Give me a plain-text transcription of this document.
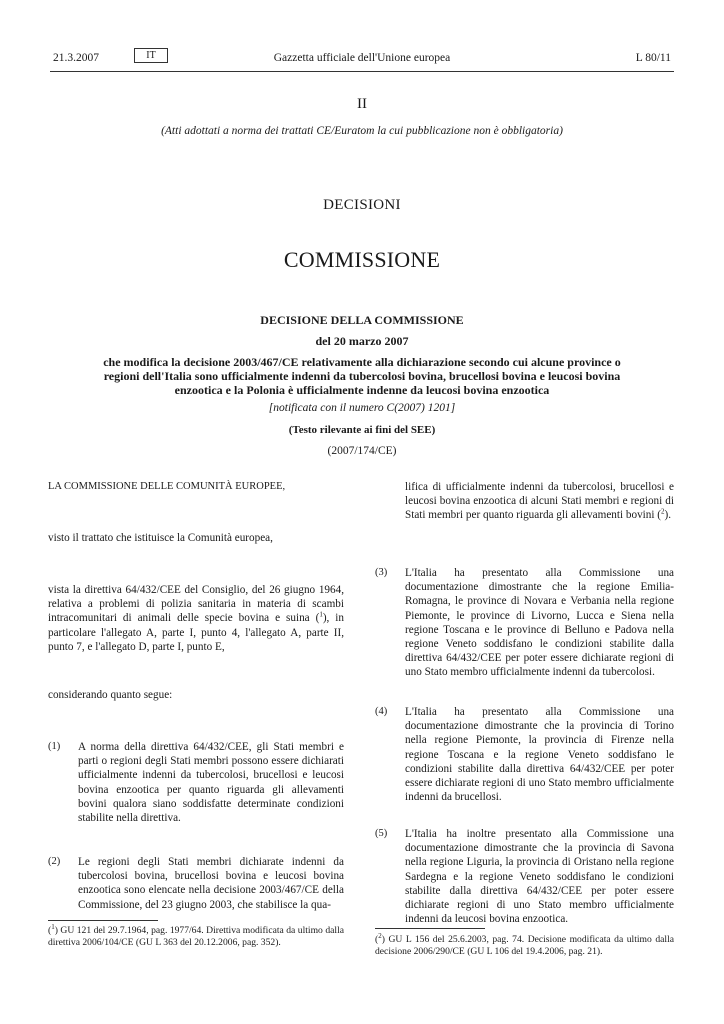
21.3.2007	IT	Gazzetta ufficiale dell'Unione europea	L 80/11
II
(Atti adottati a norma dei trattati CE/Euratom la cui pubblicazione non è obbligatoria)
DECISIONI
COMMISSIONE
DECISIONE DELLA COMMISSIONE
del 20 marzo 2007
che modifica la decisione 2003/467/CE relativamente alla dichiarazione secondo cui alcune province o regioni dell'Italia sono ufficialmente indenni da tubercolosi bovina, brucellosi bovina e leucosi bovina enzootica e la Polonia è ufficialmente indenne da leucosi bovina enzootica
[notificata con il numero C(2007) 1201]
(Testo rilevante ai fini del SEE)
(2007/174/CE)
LA COMMISSIONE DELLE COMUNITÀ EUROPEE,
visto il trattato che istituisce la Comunità europea,
vista la direttiva 64/432/CEE del Consiglio, del 26 giugno 1964, relativa a problemi di polizia sanitaria in materia di scambi intracomunitari di animali delle specie bovina e suina ($^1$), in particolare l'allegato A, parte I, punto 4, l'allegato A, parte II, punto 7, e l'allegato D, parte I, punto E,
considerando quanto segue:
(1)	A norma della direttiva 64/432/CEE, gli Stati membri e parti o regioni degli Stati membri possono essere dichiarati ufficialmente indenni da tubercolosi, brucellosi e leucosi bovina enzootica per quanto riguarda gli allevamenti bovini qualora siano soddisfatte determinate condizioni stabilite nella direttiva.
(2)	Le regioni degli Stati membri dichiarate indenni da tubercolosi bovina, brucellosi bovina e leucosi bovina enzootica sono elencate nella decisione 2003/467/CE della Commissione, del 23 giugno 2003, che stabilisce la qua-
($^1$) GU 121 del 29.7.1964, pag. 1977/64. Direttiva modificata da ultimo dalla direttiva 2006/104/CE (GU L 363 del 20.12.2006, pag. 352).
lifica di ufficialmente indenni da tubercolosi, brucellosi e leucosi bovina enzootica di alcuni Stati membri e regioni di Stati membri per quanto riguarda gli allevamenti bovini ($^2$).
(3)	L'Italia ha presentato alla Commissione una documentazione dimostrante che la regione Emilia-Romagna, le province di Novara e Verbania nella regione Piemonte, le province di Livorno, Lucca e Siena nella regione Toscana e le province di Belluno e Padova nella regione Veneto soddisfano le condizioni stabilite dalla direttiva 64/432/CEE per poter essere dichiarate regioni di uno Stato membro ufficialmente indenni da tubercolosi.
(4)	L'Italia ha presentato alla Commissione una documentazione dimostrante che la provincia di Torino nella regione Piemonte, la provincia di Firenze nella regione Toscana e la regione Veneto soddisfano le condizioni stabilite dalla direttiva 64/432/CEE per poter essere dichiarate regioni di uno Stato membro ufficialmente indenni da brucellosi.
(5)	L'Italia ha inoltre presentato alla Commissione una documentazione dimostrante che la provincia di Savona nella regione Liguria, la provincia di Oristano nella regione Sardegna e la regione Veneto soddisfano le condizioni stabilite dalla direttiva 64/432/CEE per poter essere dichiarate regioni di uno Stato membro ufficialmente indenni da leucosi bovina enzootica.
($^2$) GU L 156 del 25.6.2003, pag. 74. Decisione modificata da ultimo dalla decisione 2006/290/CE (GU L 106 del 19.4.2006, pag. 21).
